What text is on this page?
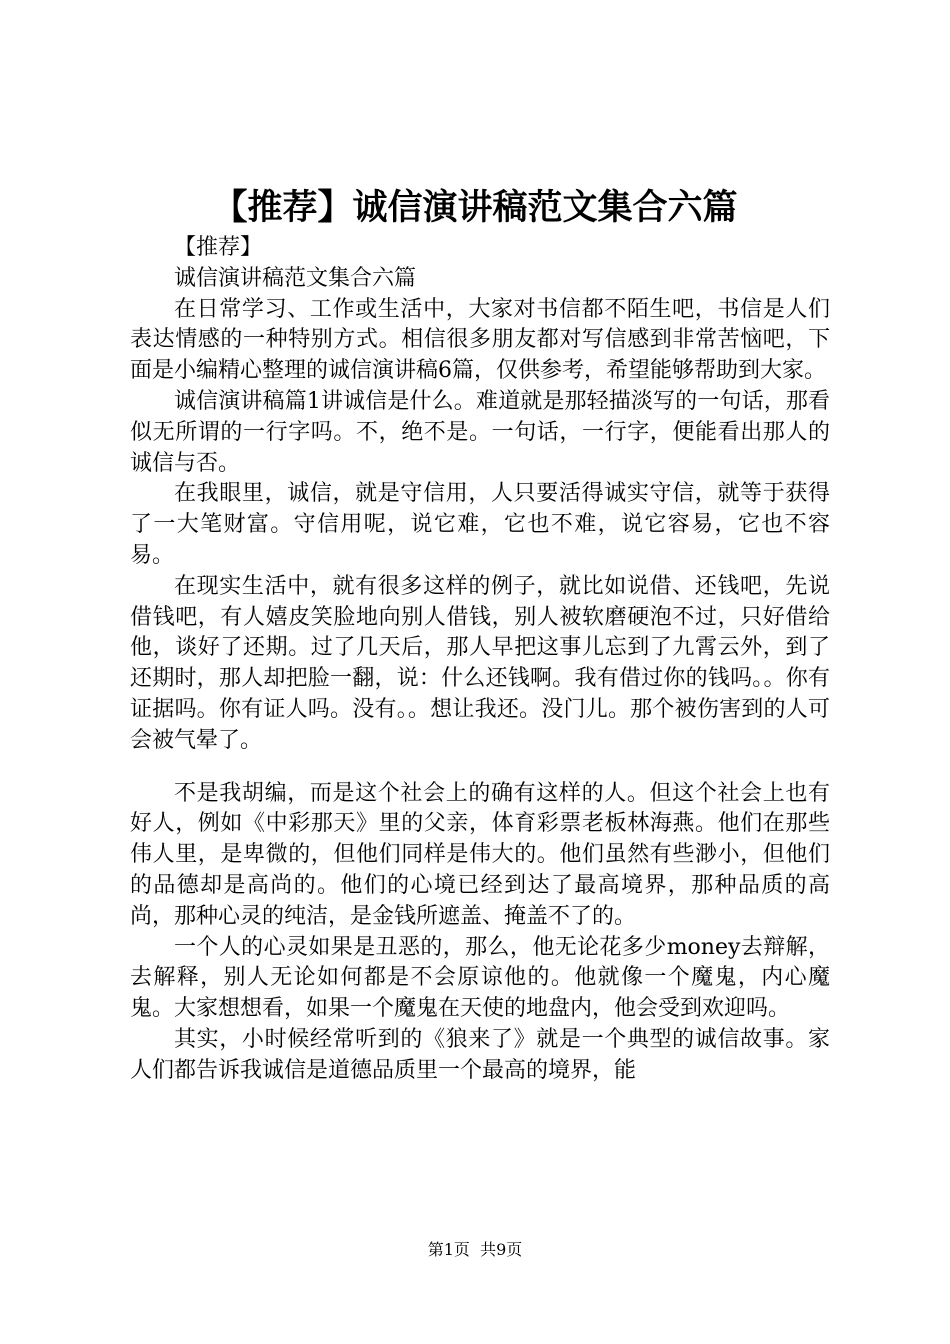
【推荐】诚信演讲稿范文集合六篇

【推荐】

诚信演讲稿范文集合六篇

在日常学习、工作或生活中，大家对书信都不陌生吧，书信是人们表达情感的一种特别方式。相信很多朋友都对写信感到非常苦恼吧，下面是小编精心整理的诚信演讲稿6篇，仅供参考，希望能够帮助到大家。

诚信演讲稿篇1讲诚信是什么。难道就是那轻描淡写的一句话，那看似无所谓的一行字吗。不，绝不是。一句话，一行字，便能看出那人的诚信与否。

在我眼里，诚信，就是守信用，人只要活得诚实守信，就等于获得了一大笔财富。守信用呢，说它难，它也不难，说它容易，它也不容易。

在现实生活中，就有很多这样的例子，就比如说借、还钱吧，先说借钱吧，有人嬉皮笑脸地向别人借钱，别人被软磨硬泡不过，只好借给他，谈好了还期。过了几天后，那人早把这事儿忘到了九霄云外，到了还期时，那人却把脸一翻，说：什么还钱啊。我有借过你的钱吗。。你有证据吗。你有证人吗。没有。。想让我还。没门儿。那个被伤害到的人可会被气晕了。

不是我胡编，而是这个社会上的确有这样的人。但这个社会上也有好人，例如《中彩那天》里的父亲，体育彩票老板林海燕。他们在那些伟人里，是卑微的，但他们同样是伟大的。他们虽然有些渺小，但他们的品德却是高尚的。他们的心境已经到达了最高境界，那种品质的高尚，那种心灵的纯洁，是金钱所遮盖、掩盖不了的。

一个人的心灵如果是丑恶的，那么，他无论花多少money去辩解，去解释，别人无论如何都是不会原谅他的。他就像一个魔鬼，内心魔鬼。大家想想看，如果一个魔鬼在天使的地盘内，他会受到欢迎吗。

其实，小时候经常听到的《狼来了》就是一个典型的诚信故事。家人们都告诉我诚信是道德品质里一个最高的境界，能

第1页  共9页
